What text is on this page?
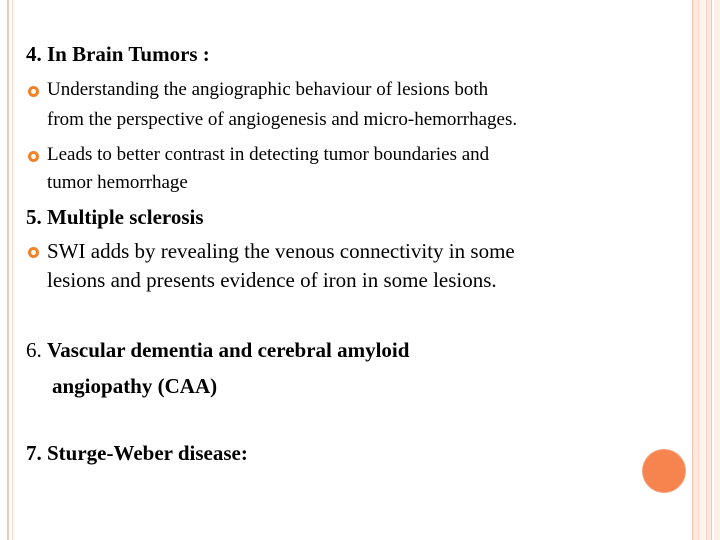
4. In Brain Tumors :
Understanding the angiographic behaviour of lesions both
from the perspective of angiogenesis and micro-hemorrhages.
Leads to better contrast in detecting tumor boundaries and
tumor hemorrhage
5. Multiple sclerosis
SWI adds by revealing the venous connectivity in some
lesions and presents evidence of iron in some lesions.
6. Vascular dementia and cerebral amyloid
angiopathy (CAA)
7. Sturge-Weber disease:
